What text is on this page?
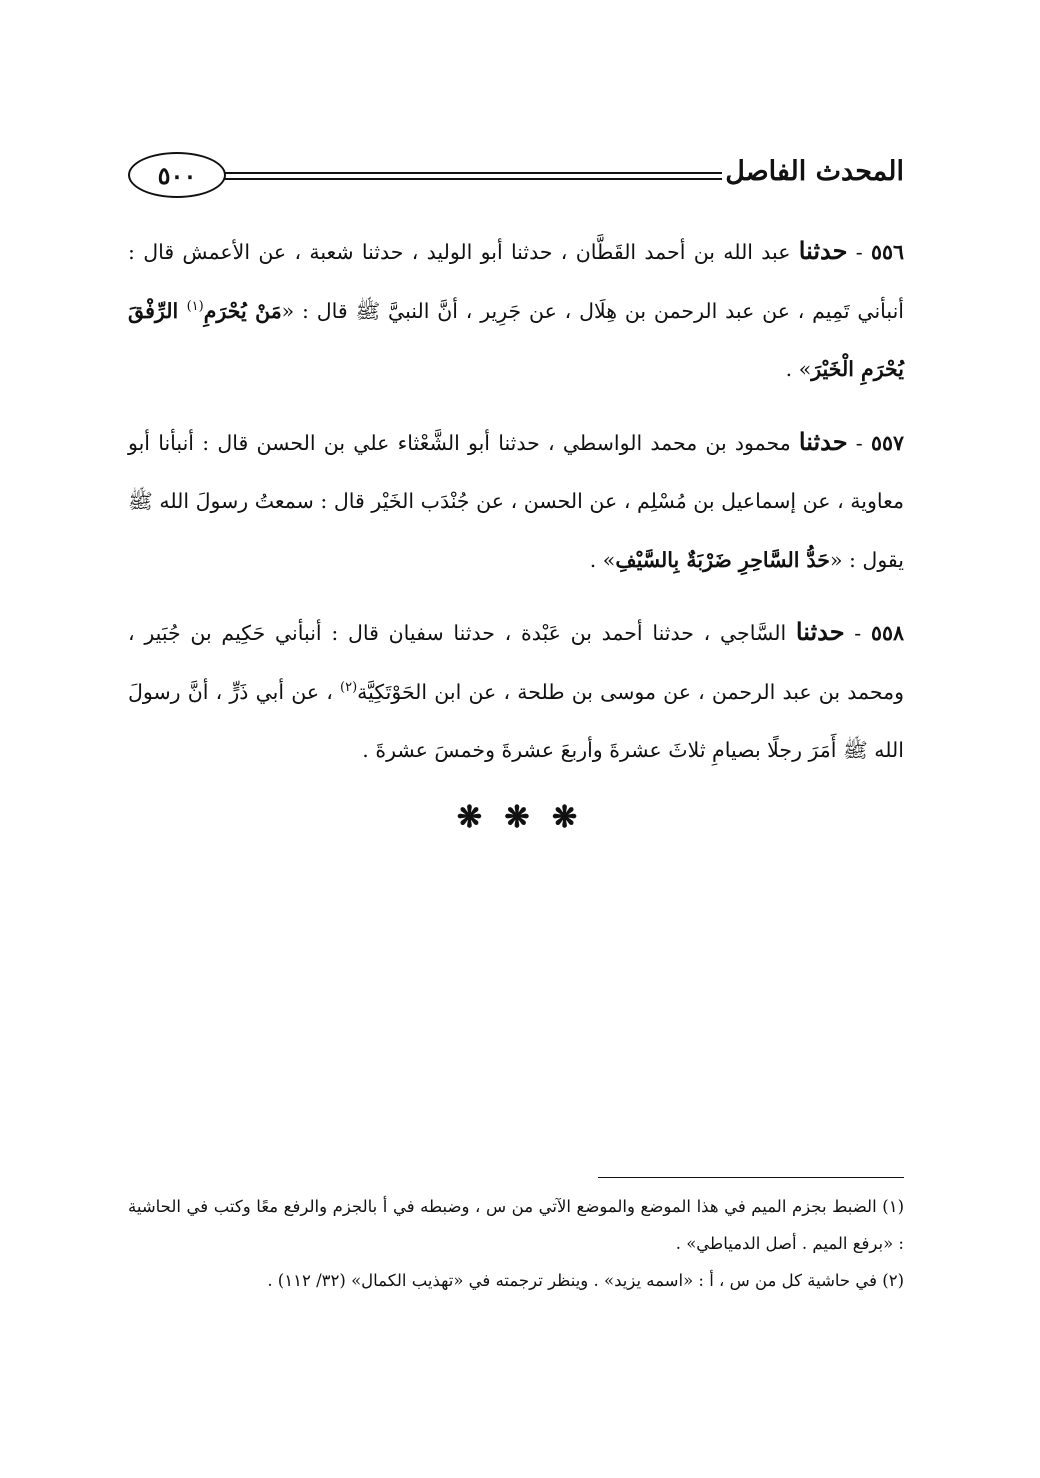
٥٠٠	المحدث الفاصل

٥٥٦ - حدثنا عبد الله بن أحمد القَطَّان ، حدثنا أبو الوليد ، حدثنا شعبة ، عن الأعمش قال : أنبأني تَمِيم ، عن عبد الرحمن بن هِلَال ، عن جَرِير ، أنَّ النبيَّ ﷺ قال : «مَنْ يُحْرَمِ$^{(١)}$ الرِّفْقَ يُحْرَمِ الْخَيْرَ» .

٥٥٧ - حدثنا محمود بن محمد الواسطي ، حدثنا أبو الشَّعْثاء علي بن الحسن قال : أنبأنا أبو معاوية ، عن إسماعيل بن مُسْلِم ، عن الحسن ، عن جُنْدَب الخَيْر قال : سمعتُ رسولَ الله ﷺ يقول : «حَدُّ السَّاحِرِ ضَرْبَةٌ بِالسَّيْفِ» .

٥٥٨ - حدثنا السَّاجي ، حدثنا أحمد بن عَبْدة ، حدثنا سفيان قال : أنبأني حَكِيم بن جُبَير ، ومحمد بن عبد الرحمن ، عن موسى بن طلحة ، عن ابن الحَوْتَكِيَّة$^{(٢)}$ ، عن أبي ذَرٍّ ، أنَّ رسولَ الله ﷺ أَمَرَ رجلًا بصيامِ ثلاثَ عشرةَ وأربعَ عشرةَ وخمسَ عشرةَ .

❋ ❋ ❋

(١) الضبط بجزم الميم في هذا الموضع والموضع الآتي من س ، وضبطه في أ بالجزم والرفع معًا وكتب في الحاشية : «برفع الميم . أصل الدمياطي» .

(٢) في حاشية كل من س ، أ : «اسمه يزيد» . وينظر ترجمته في «تهذيب الكمال» (٣٢/ ١١٢) .
